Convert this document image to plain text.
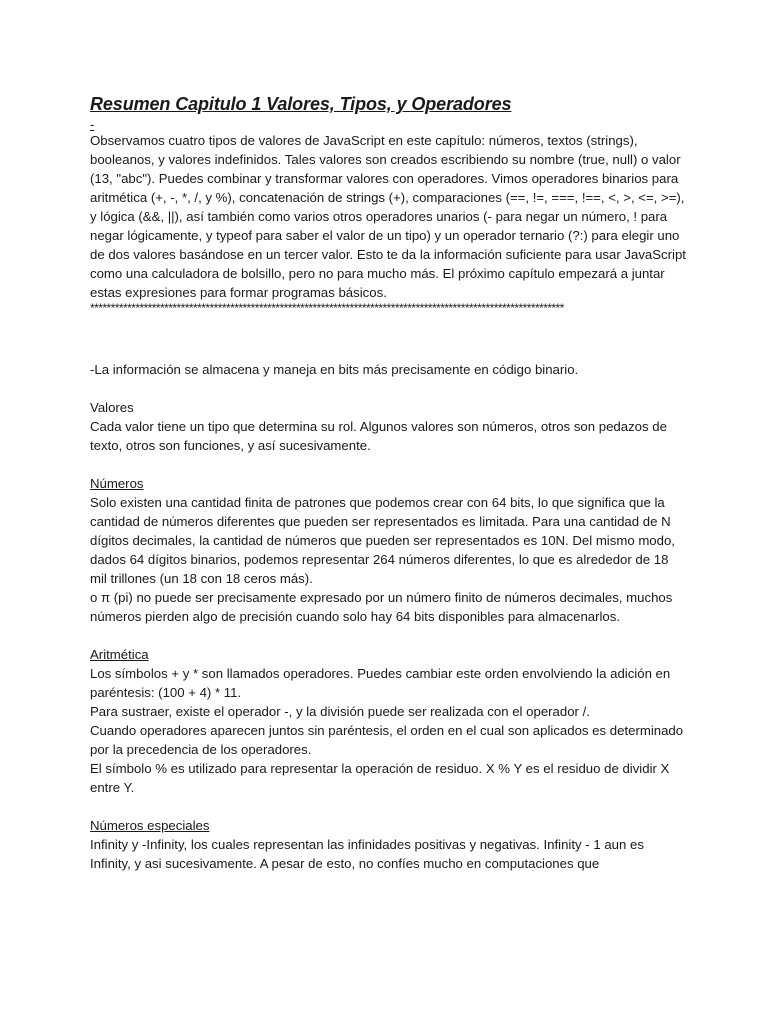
Resumen Capitulo 1 Valores, Tipos, y Operadores
-

Observamos cuatro tipos de valores de JavaScript en este capítulo: números, textos (strings), booleanos, y valores indefinidos. Tales valores son creados escribiendo su nombre (true, null) o valor (13, "abc"). Puedes combinar y transformar valores con operadores. Vimos operadores binarios para aritmética (+, -, *, /, y %), concatenación de strings (+), comparaciones (==, !=, ===, !==, <, >, <=, >=), y lógica (&&, ||), así también como varios otros operadores unarios (- para negar un número, ! para negar lógicamente, y typeof para saber el valor de un tipo) y un operador ternario (?:) para elegir uno de dos valores basándose en un tercer valor. Esto te da la información suficiente para usar JavaScript como una calculadora de bolsillo, pero no para mucho más. El próximo capítulo empezará a juntar estas expresiones para formar programas básicos.

*******************************************************************************************************************

-La información se almacena y maneja en bits más precisamente en código binario.

Valores

Cada valor tiene un tipo que determina su rol. Algunos valores son números, otros son pedazos de texto, otros son funciones, y así sucesivamente.

Números

Solo existen una cantidad finita de patrones que podemos crear con 64 bits, lo que significa que la cantidad de números diferentes que pueden ser representados es limitada. Para una cantidad de N dígitos decimales, la cantidad de números que pueden ser representados es 10N. Del mismo modo, dados 64 dígitos binarios, podemos representar 264 números diferentes, lo que es alrededor de 18 mil trillones (un 18 con 18 ceros más).

o π (pi) no puede ser precisamente expresado por un número finito de números decimales, muchos números pierden algo de precisión cuando solo hay 64 bits disponibles para almacenarlos.

Aritmética

Los símbolos + y * son llamados operadores. Puedes cambiar este orden envolviendo la adición en paréntesis: (100 + 4) * 11.

Para sustraer, existe el operador -, y la división puede ser realizada con el operador /.

Cuando operadores aparecen juntos sin paréntesis, el orden en el cual son aplicados es determinado por la precedencia de los operadores.

El símbolo % es utilizado para representar la operación de residuo. X % Y es el residuo de dividir X entre Y.

Números especiales

Infinity y -Infinity, los cuales representan las infinidades positivas y negativas. Infinity - 1 aun es Infinity, y asi sucesivamente. A pesar de esto, no confíes mucho en computaciones que
